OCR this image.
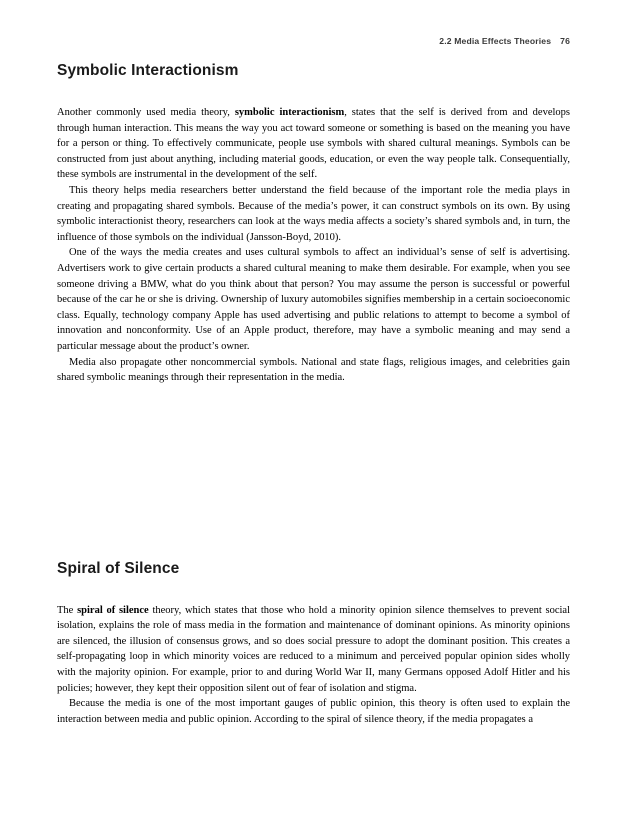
2.2 Media Effects Theories 76
Symbolic Interactionism

Another commonly used media theory, symbolic interactionism, states that the self is derived from and develops through human interaction. This means the way you act toward someone or something is based on the meaning you have for a person or thing. To effectively communicate, people use symbols with shared cultural meanings. Symbols can be constructed from just about anything, including material goods, education, or even the way people talk. Consequentially, these symbols are instrumental in the development of the self.

This theory helps media researchers better understand the field because of the important role the media plays in creating and propagating shared symbols. Because of the media’s power, it can construct symbols on its own. By using symbolic interactionist theory, researchers can look at the ways media affects a society’s shared symbols and, in turn, the influence of those symbols on the individual (Jansson-Boyd, 2010).

One of the ways the media creates and uses cultural symbols to affect an individual’s sense of self is advertising. Advertisers work to give certain products a shared cultural meaning to make them desirable. For example, when you see someone driving a BMW, what do you think about that person? You may assume the person is successful or powerful because of the car he or she is driving. Ownership of luxury automobiles signifies membership in a certain socioeconomic class. Equally, technology company Apple has used advertising and public relations to attempt to become a symbol of innovation and nonconformity. Use of an Apple product, therefore, may have a symbolic meaning and may send a particular message about the product’s owner.

Media also propagate other noncommercial symbols. National and state flags, religious images, and celebrities gain shared symbolic meanings through their representation in the media.

Spiral of Silence

The spiral of silence theory, which states that those who hold a minority opinion silence themselves to prevent social isolation, explains the role of mass media in the formation and maintenance of dominant opinions. As minority opinions are silenced, the illusion of consensus grows, and so does social pressure to adopt the dominant position. This creates a self-propagating loop in which minority voices are reduced to a minimum and perceived popular opinion sides wholly with the majority opinion. For example, prior to and during World War II, many Germans opposed Adolf Hitler and his policies; however, they kept their opposition silent out of fear of isolation and stigma.

Because the media is one of the most important gauges of public opinion, this theory is often used to explain the interaction between media and public opinion. According to the spiral of silence theory, if the media propagates a
